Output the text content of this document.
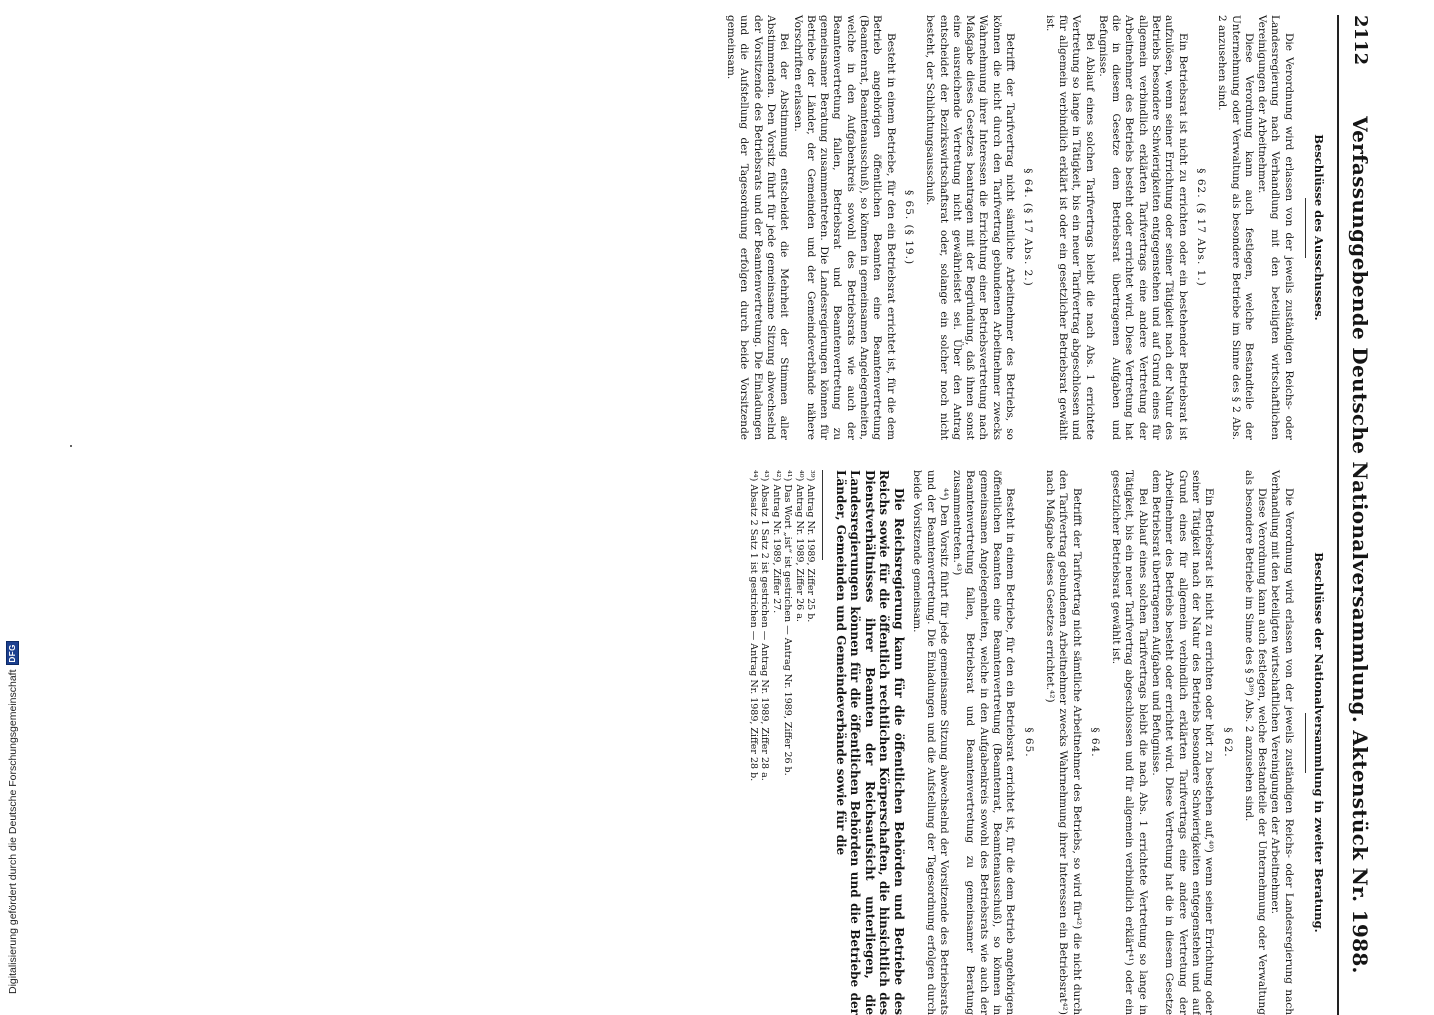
2112
Verfassunggebende Deutsche Nationalversammlung. Aktenstück Nr. 1988.
Beschlüsse des Ausschusses.

Die Verordnung wird erlassen von der jeweils zuständigen Reichs- oder Landesregierung nach Verhandlung mit den beteiligten wirtschaftlichen Vereinigungen der Arbeitnehmer.

Diese Verordnung kann auch festlegen, welche Bestandteile der Unternehmung oder Verwaltung als besondere Betriebe im Sinne des § 2 Abs. 2 anzusehen sind.

§ 62. (§ 17 Abs. 1.)

Ein Betriebsrat ist nicht zu errichten oder ein bestehender Betriebsrat ist aufzulösen, wenn seiner Errichtung oder seiner Tätigkeit nach der Natur des Betriebs besondere Schwierigkeiten entgegenstehen und auf Grund eines für allgemein verbindlich erklärten Tarifvertrags eine andere Vertretung der Arbeitnehmer des Betriebs besteht oder errichtet wird. Diese Vertretung hat die in diesem Gesetze dem Betriebsrat übertragenen Aufgaben und Befugnisse.

Bei Ablauf eines solchen Tarifvertrags bleibt die nach Abs. 1 errichtete Vertretung so lange in Tätigkeit, bis ein neuer Tarifvertrag abgeschlossen und für allgemein verbindlich erklärt ist oder ein gesetzlicher Betriebsrat gewählt ist.

§ 64. (§ 17 Abs. 2.)

Betrifft der Tarifvertrag nicht sämtliche Arbeitnehmer des Betriebs, so können die nicht durch den Tarifvertrag gebundenen Arbeitnehmer zwecks Wahrnehmung ihrer Interessen die Errichtung einer Betriebsvertretung nach Maßgabe dieses Gesetzes beantragen mit der Begründung, daß ihnen sonst eine ausreichende Vertretung nicht gewährleistet sei. Über den Antrag entscheidet der Bezirkswirtschaftsrat oder, solange ein solcher noch nicht besteht, der Schlichtungsausschuß.

§ 65. (§ 19.)

Besteht in einem Betriebe, für den ein Betriebsrat errichtet ist, für die dem Betrieb angehörigen öffentlichen Beamten eine Beamtenvertretung (Beamtenrat, Beamtenausschuß), so können in gemeinsamen Angelegenheiten, welche in den Aufgabenkreis sowohl des Betriebsrats wie auch der Beamtenvertretung fallen, Betriebsrat und Beamtenvertretung zu gemeinsamer Beratung zusammentreten. Die Landesregierungen können für Betriebe der Länder, der Gemeinden und der Gemeindeverbände nähere Vorschriften erlassen.

Bei der Abstimmung entscheidet die Mehrheit der Stimmen aller Abstimmenden. Den Vorsitz führt für jede gemeinsame Sitzung abwechselnd der Vorsitzende des Betriebsrats und der Beamtenvertretung. Die Einladungen und die Aufstellung der Tagesordnung erfolgen durch beide Vorsitzende gemeinsam.

Beschlüsse der Nationalversammlung in zweiter Beratung.

Die Verordnung wird erlassen von der jeweils zuständigen Reichs- oder Landesregierung nach Verhandlung mit den beteiligten wirtschaftlichen Vereinigungen der Arbeitnehmer.

Diese Verordnung kann auch festlegen, welche Bestandteile der Unternehmung oder Verwaltung als besondere Betriebe im Sinne des § 9³⁹) Abs. 2 anzusehen sind.

§ 62.

Ein Betriebsrat ist nicht zu errichten oder hört zu bestehen auf,⁴⁰) wenn seiner Errichtung oder seiner Tätigkeit nach der Natur des Betriebs besondere Schwierigkeiten entgegenstehen und auf Grund eines für allgemein verbindlich erklärten Tarifvertrags eine andere Vertretung der Arbeitnehmer des Betriebs besteht oder errichtet wird. Diese Vertretung hat die in diesem Gesetze dem Betriebsrat übertragenen Aufgaben und Befugnisse.

Bei Ablauf eines solchen Tarifvertrags bleibt die nach Abs. 1 errichtete Vertretung so lange in Tätigkeit, bis ein neuer Tarifvertrag abgeschlossen und für allgemein verbindlich erklärt⁴¹) oder ein gesetzlicher Betriebsrat gewählt ist.

§ 64.

Betrifft der Tarifvertrag nicht sämtliche Arbeitnehmer des Betriebs, so wird für⁴²) die nicht durch den Tarifvertrag gebundenen Arbeitnehmer zwecks Wahrnehmung ihrer Interessen ein Betriebsrat⁴²) nach Maßgabe dieses Gesetzes errichtet.⁴²)

§ 65.

Besteht in einem Betriebe, für den ein Betriebsrat errichtet ist, für die dem Betrieb angehörigen öffentlichen Beamten eine Beamtenvertretung (Beamtenrat, Beamtenausschuß), so können in gemeinsamen Angelegenheiten, welche in den Aufgabenkreis sowohl des Betriebsrats wie auch der Beamtenvertretung fallen, Betriebsrat und Beamtenvertretung zu gemeinsamer Beratung zusammentreten.⁴³)

⁴⁴) Den Vorsitz führt für jede gemeinsame Sitzung abwechselnd der Vorsitzende des Betriebsrats und der Beamtenvertretung. Die Einladungen und die Aufstellung der Tagesordnung erfolgen durch beide Vorsitzende gemeinsam.

Die Reichsregierung kann für die öffentlichen Behörden und Betriebe des Reichs sowie für die öffentlich rechtlichen Körperschaften, die hinsichtlich des Dienstverhältnisses ihrer Beamten der Reichsaufsicht unterliegen, die Landesregierungen können für die öffentlichen Behörden und die Betriebe der Länder, Gemeinden und Gemeindeverbände sowie für die

³⁹) Antrag Nr. 1989, Ziffer 25 b.
⁴⁰) Antrag Nr. 1989, Ziffer 26 a.
⁴¹) Das Wort „ist“ ist gestrichen — Antrag Nr. 1989, Ziffer 26 b.
⁴²) Antrag Nr. 1989, Ziffer 27.
⁴³) Absatz 1 Satz 2 ist gestrichen — Antrag Nr. 1989, Ziffer 28 a.
⁴⁴) Absatz 2 Satz 1 ist gestrichen — Antrag Nr. 1989, Ziffer 28 b.
Digitalisierung gefördert durch die Deutsche Forschungsgemeinschaft
DFG
